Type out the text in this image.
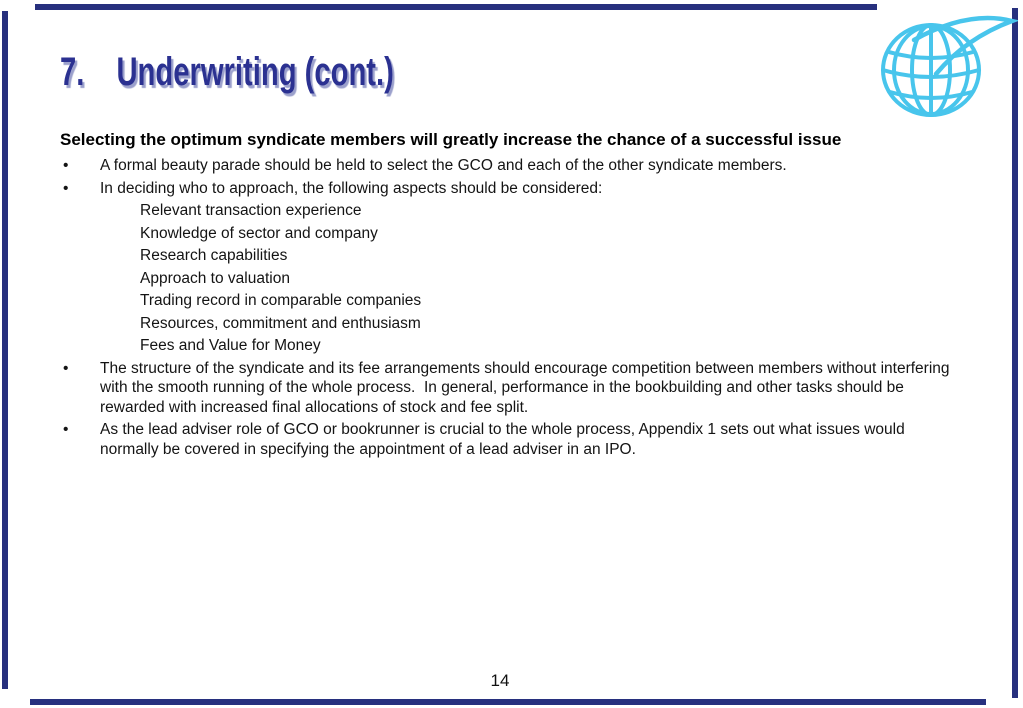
7. Underwriting (cont.)
Selecting the optimum syndicate members will greatly increase the chance of a successful issue
•	A formal beauty parade should be held to select the GCO and each of the other syndicate members.
•	In deciding who to approach, the following aspects should be considered:
Relevant transaction experience
Knowledge of sector and company
Research capabilities
Approach to valuation
Trading record in comparable companies
Resources, commitment and enthusiasm
Fees and Value for Money
•	The structure of the syndicate and its fee arrangements should encourage competition between members without interfering
with the smooth running of the whole process.  In general, performance in the bookbuilding and other tasks should be
rewarded with increased final allocations of stock and fee split.
•	As the lead adviser role of GCO or bookrunner is crucial to the whole process, Appendix 1 sets out what issues would
normally be covered in specifying the appointment of a lead adviser in an IPO.
14
